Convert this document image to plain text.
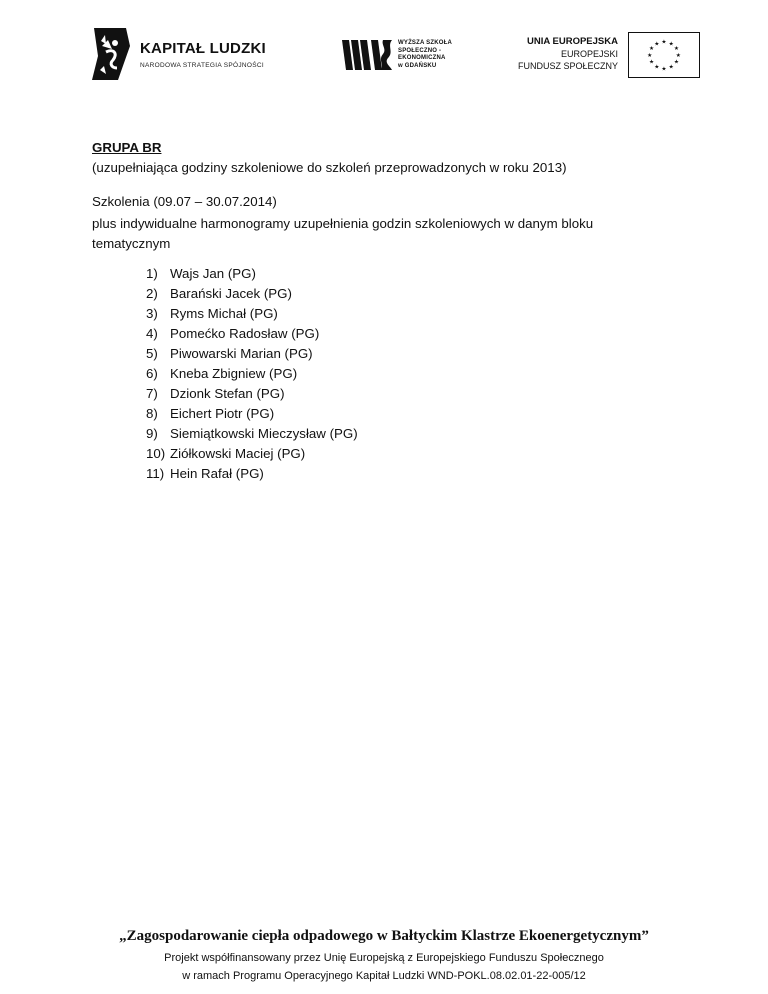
KAPITAŁ LUDZKI
NARODOWA STRATEGIA SPÓJNOŚCI
WYŻSZA SZKOŁA
SPOŁECZNO -
EKONOMICZNA
w GDAŃSKU
UNIA EUROPEJSKA
EUROPEJSKI
FUNDUSZ SPOŁECZNY
★ ★
★
★
★
★
★
★
★
★
★
★
GRUPA BR
(uzupełniająca godziny szkoleniowe do szkoleń przeprowadzonych w roku 2013)
Szkolenia (09.07 – 30.07.2014)
plus indywidualne harmonogramy uzupełnienia godzin szkoleniowych w danym bloku tematycznym
1) Wajs Jan (PG)
2) Barański Jacek (PG)
3) Ryms Michał (PG)
4) Pomećko Radosław (PG)
5) Piwowarski Marian (PG)
6) Kneba Zbigniew (PG)
7) Dzionk Stefan (PG)
8) Eichert Piotr (PG)
9) Siemiątkowski Mieczysław (PG)
10) Ziółkowski Maciej (PG)
11) Hein Rafał (PG)
„Zagospodarowanie ciepła odpadowego w Bałtyckim Klastrze Ekoenergetycznym”
Projekt współfinansowany przez Unię Europejską z Europejskiego Funduszu Społecznego
w ramach Programu Operacyjnego Kapitał Ludzki WND-POKL.08.02.01-22-005/12
